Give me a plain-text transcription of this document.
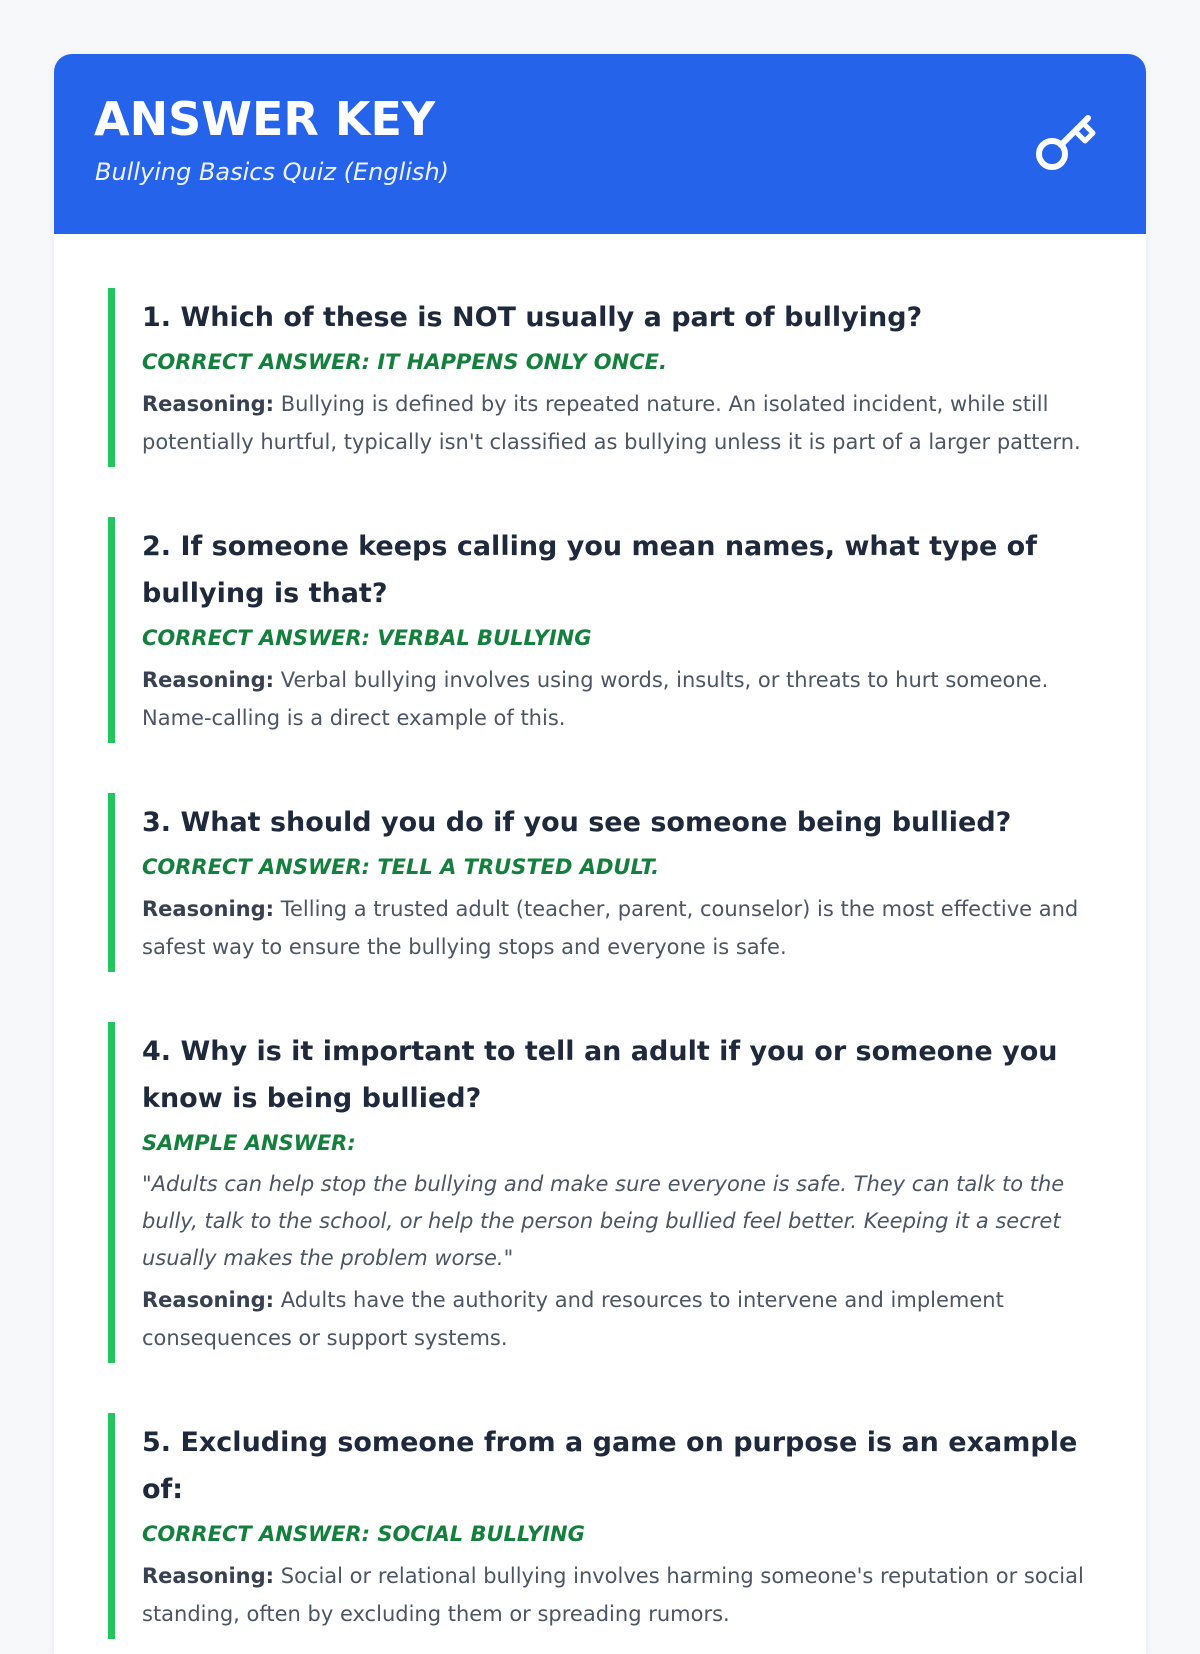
ANSWER KEY

Bullying Basics Quiz (English)

1. Which of these is NOT usually a part of bullying?

CORRECT ANSWER: IT HAPPENS ONLY ONCE.

Reasoning: Bullying is defined by its repeated nature. An isolated incident, while still potentially hurtful, typically isn't classified as bullying unless it is part of a larger pattern.

2. If someone keeps calling you mean names, what type of bullying is that?

CORRECT ANSWER: VERBAL BULLYING

Reasoning: Verbal bullying involves using words, insults, or threats to hurt someone. Name-calling is a direct example of this.

3. What should you do if you see someone being bullied?

CORRECT ANSWER: TELL A TRUSTED ADULT.

Reasoning: Telling a trusted adult (teacher, parent, counselor) is the most effective and safest way to ensure the bullying stops and everyone is safe.

4. Why is it important to tell an adult if you or someone you know is being bullied?

SAMPLE ANSWER:

"Adults can help stop the bullying and make sure everyone is safe. They can talk to the bully, talk to the school, or help the person being bullied feel better. Keeping it a secret usually makes the problem worse."

Reasoning: Adults have the authority and resources to intervene and implement consequences or support systems.

5. Excluding someone from a game on purpose is an example of:

CORRECT ANSWER: SOCIAL BULLYING

Reasoning: Social or relational bullying involves harming someone's reputation or social standing, often by excluding them or spreading rumors.
